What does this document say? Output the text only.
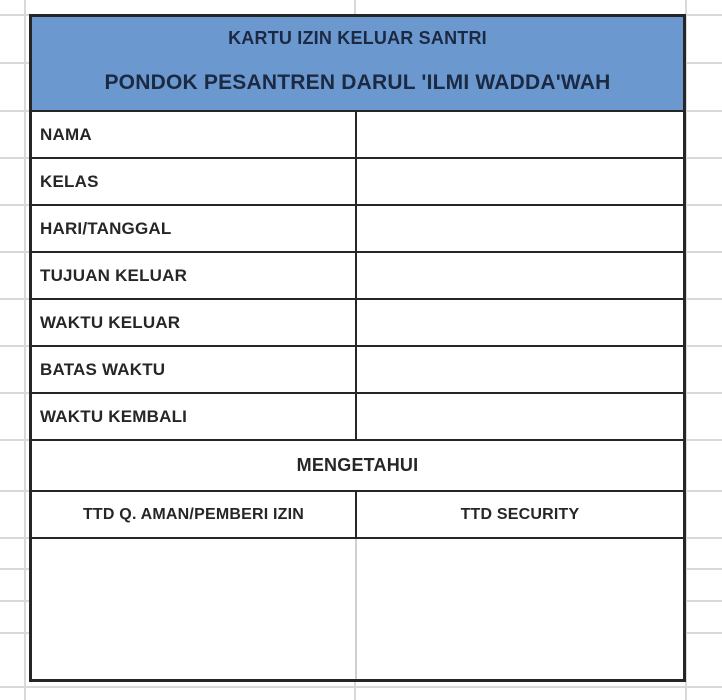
KARTU IZIN KELUAR SANTRI
PONDOK PESANTREN DARUL 'ILMI WADDA'WAH
NAMA
KELAS
HARI/TANGGAL
TUJUAN KELUAR
WAKTU KELUAR
BATAS WAKTU
WAKTU KEMBALI
MENGETAHUI
TTD Q. AMAN/PEMBERI IZIN	TTD SECURITY
